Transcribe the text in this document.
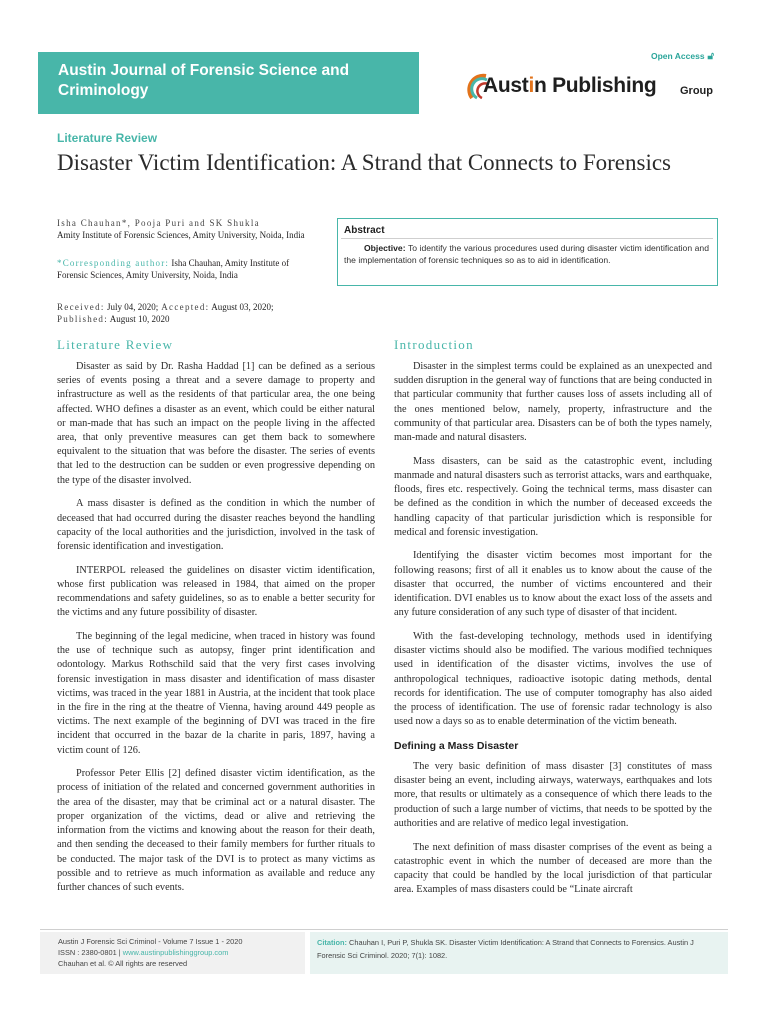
Open Access 🔓︎
Austin Journal of Forensic Science and Criminology	Austin Publishing Group
Literature Review
Disaster Victim Identification: A Strand that Connects to Forensics
Isha Chauhan*, Pooja Puri and SK Shukla
Amity Institute of Forensic Sciences, Amity University, Noida, India
*Corresponding author: Isha Chauhan, Amity Institute of Forensic Sciences, Amity University, Noida, India
Received: July 04, 2020; Accepted: August 03, 2020;
Published: August 10, 2020
Abstract
Objective: To identify the various procedures used during disaster victim identification and the implementation of forensic techniques so as to aid in identification.
Literature Review	Introduction

Disaster as said by Dr. Rasha Haddad [1] can be defined as a serious series of events posing a threat and a severe damage to property and infrastructure as well as the residents of that particular area, the one being affected. WHO defines a disaster as an event, which could be either natural or man-made that has such an impact on the people living in the affected area, that only preventive measures can get them back to somewhere equivalent to the situation that was before the disaster. The series of events that led to the destruction can be sudden or even progressive depending on the type of the disaster involved.

A mass disaster is defined as the condition in which the number of deceased that had occurred during the disaster reaches beyond the handling capacity of the local authorities and the jurisdiction, involved in the task of forensic identification and investigation.

INTERPOL released the guidelines on disaster victim identification, whose first publication was released in 1984, that aimed on the proper recommendations and safety guidelines, so as to enable a better security for the victims and any future possibility of disaster.

The beginning of the legal medicine, when traced in history was found the use of technique such as autopsy, finger print identification and odontology. Markus Rothschild said that the very first cases involving forensic investigation in mass disaster and identification of mass disaster victims, was traced in the year 1881 in Austria, at the incident that took place in the fire in the ring at the theatre of Vienna, having around 449 people as victims. The next example of the beginning of DVI was traced in the fire incident that occurred in the bazar de la charite in paris, 1897, having a victim count of 126.

Professor Peter Ellis [2] defined disaster victim identification, as the process of initiation of the related and concerned government authorities in the area of the disaster, may that be criminal act or a natural disaster. The proper organization of the victims, dead or alive and retrieving the information from the victims and knowing about the reason for their death, and then sending the deceased to their family members for further rituals to be conducted. The major task of the DVI is to protect as many victims as possible and to retrieve as much information as available and reduce any further chances of such events.

Disaster in the simplest terms could be explained as an unexpected and sudden disruption in the general way of functions that are being conducted in that particular community that further causes loss of assets including all of the ones mentioned below, namely, property, infrastructure and the community of that particular area. Disasters can be of both the types namely, man-made and natural disasters.

Mass disasters, can be said as the catastrophic event, including manmade and natural disasters such as terrorist attacks, wars and earthquake, floods, fires etc. respectively. Going the technical terms, mass disaster can be defined as the condition in which the number of deceased exceeds the handling capacity of that particular jurisdiction which is responsible for medical and forensic investigation.

Identifying the disaster victim becomes most important for the following reasons; first of all it enables us to know about the cause of the disaster that occurred, the number of victims encountered and their identification. DVI enables us to know about the exact loss of the assets and any future consideration of any such type of disaster of that incident.

With the fast-developing technology, methods used in identifying disaster victims should also be modified. The various modified techniques used in identification of the disaster victims, involves the use of anthropological techniques, radioactive isotopic dating methods, dental records for identification. The use of computer tomography has also aided the process of identification. The use of forensic radar technology is also used now a days so as to enable determination of the victim beneath.

Defining a Mass Disaster

The very basic definition of mass disaster [3] constitutes of mass disaster being an event, including airways, waterways, earthquakes and lots more, that results or ultimately as a consequence of which there leads to the production of such a large number of victims, that needs to be spotted by the authorities and are relative of medico legal investigation.

The next definition of mass disaster comprises of the event as being a catastrophic event in which the number of deceased are more than the capacity that could be handled by the local jurisdiction of that particular area. Examples of mass disasters could be “Linate aircraft

Austin J Forensic Sci Criminol - Volume 7 Issue 1 - 2020
ISSN : 2380-0801 | www.austinpublishinggroup.com
Chauhan et al. © All rights are reserved
Citation: Chauhan I, Puri P, Shukla SK. Disaster Victim Identification: A Strand that Connects to Forensics. Austin J Forensic Sci Criminol. 2020; 7(1): 1082.
